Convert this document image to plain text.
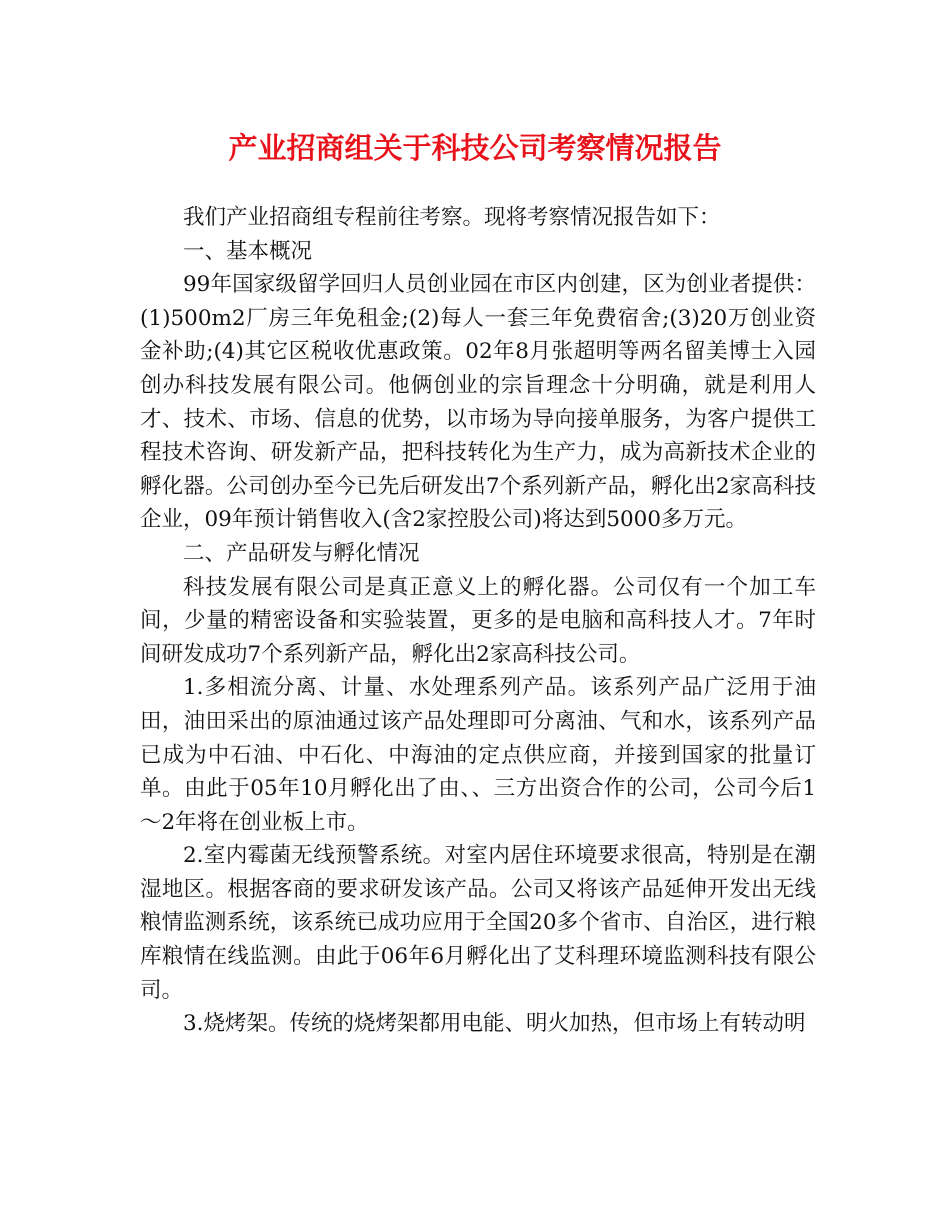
产业招商组关于科技公司考察情况报告

我们产业招商组专程前往考察。现将考察情况报告如下：

一、基本概况

99年国家级留学回归人员创业园在市区内创建，区为创业者提供：(1)500m2厂房三年免租金;(2)每人一套三年免费宿舍;(3)20万创业资金补助;(4)其它区税收优惠政策。02年8月张超明等两名留美博士入园创办科技发展有限公司。他俩创业的宗旨理念十分明确，就是利用人才、技术、市场、信息的优势，以市场为导向接单服务，为客户提供工程技术咨询、研发新产品，把科技转化为生产力，成为高新技术企业的孵化器。公司创办至今已先后研发出7个系列新产品，孵化出2家高科技企业，09年预计销售收入(含2家控股公司)将达到5000多万元。

二、产品研发与孵化情况

科技发展有限公司是真正意义上的孵化器。公司仅有一个加工车间，少量的精密设备和实验装置，更多的是电脑和高科技人才。7年时间研发成功7个系列新产品，孵化出2家高科技公司。

1.多相流分离、计量、水处理系列产品。该系列产品广泛用于油田，油田采出的原油通过该产品处理即可分离油、气和水，该系列产品已成为中石油、中石化、中海油的定点供应商，并接到国家的批量订单。由此于05年10月孵化出了由、、三方出资合作的公司，公司今后1～2年将在创业板上市。

2.室内霉菌无线预警系统。对室内居住环境要求很高，特别是在潮湿地区。根据客商的要求研发该产品。公司又将该产品延伸开发出无线粮情监测系统，该系统已成功应用于全国20多个省市、自治区，进行粮库粮情在线监测。由此于06年6月孵化出了艾科理环境监测科技有限公司。

3.烧烤架。传统的烧烤架都用电能、明火加热，但市场上有转动明
